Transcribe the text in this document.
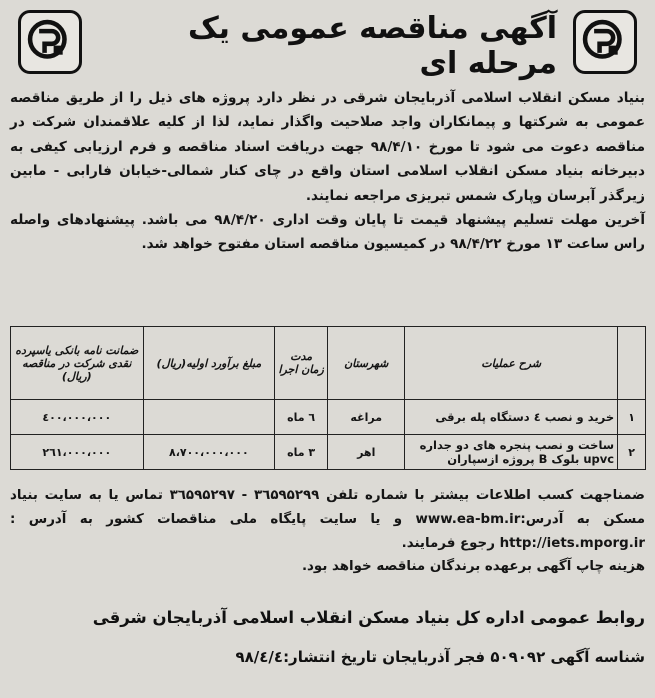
آگهی مناقصه عمومی یک مرحله ای

بنیاد مسکن انقلاب اسلامی آذربایجان شرقی در نظر دارد پروژه های ذیل را از طریق مناقصه عمومی به شرکتها و پیمانکاران واجد صلاحیت واگذار نماید، لذا از کلیه علاقمندان شرکت در مناقصه دعوت می شود تا مورخ ۹۸/۴/۱۰ جهت دریافت اسناد مناقصه و فرم ارزیابی کیفی به دبیرخانه بنیاد مسکن انقلاب اسلامی استان واقع در چای کنار شمالی-خیابان فارابی - مابین زیرگذر آبرسان وپارک شمس تبریزی مراجعه نمایند.

آخرین مهلت تسلیم پیشنهاد قیمت تا پایان وقت اداری ۹۸/۴/۲۰ می باشد. پیشنهادهای واصله راس ساعت ۱۳ مورخ ۹۸/۴/۲۲ در کمیسیون مناقصه استان مفتوح خواهد شد.

	شرح عملیات	شهرستان	مدت زمان اجرا	مبلغ برآورد اولیه(ریال)	ضمانت نامه بانکی یاسپرده نقدی شرکت در مناقصه (ریال)
۱	خرید و نصب ٤ دستگاه پله برقی	مراغه	٦ ماه		٤۰۰،۰۰۰،۰۰۰
۲	ساخت و نصب پنجره های دو جداره upvc بلوک B پروژه ازسپاران	اهر	۳ ماه	۸،۷۰۰،۰۰۰،۰۰۰	۲٦۱،۰۰۰،۰۰۰

ضمناجهت کسب اطلاعات بیشتر با شماره تلفن ۳٦۵۹۵۲۹۹ - ۳٦۵۹۵۲۹۷ تماس یا به سایت بنیاد مسکن به آدرس:www.ea-bm.ir و یا سایت پایگاه ملی مناقصات کشور به آدرس : http://iets.mporg.ir رجوع فرمایند.

هزینه چاپ آگهی برعهده برندگان مناقصه خواهد بود.

روابط عمومی اداره کل بنیاد مسکن انقلاب اسلامی آذربایجان شرقی
شناسه آگهی ۵۰۹۰۹۲ فجر آذربایجان تاریخ انتشار:۹۸/٤/٤
